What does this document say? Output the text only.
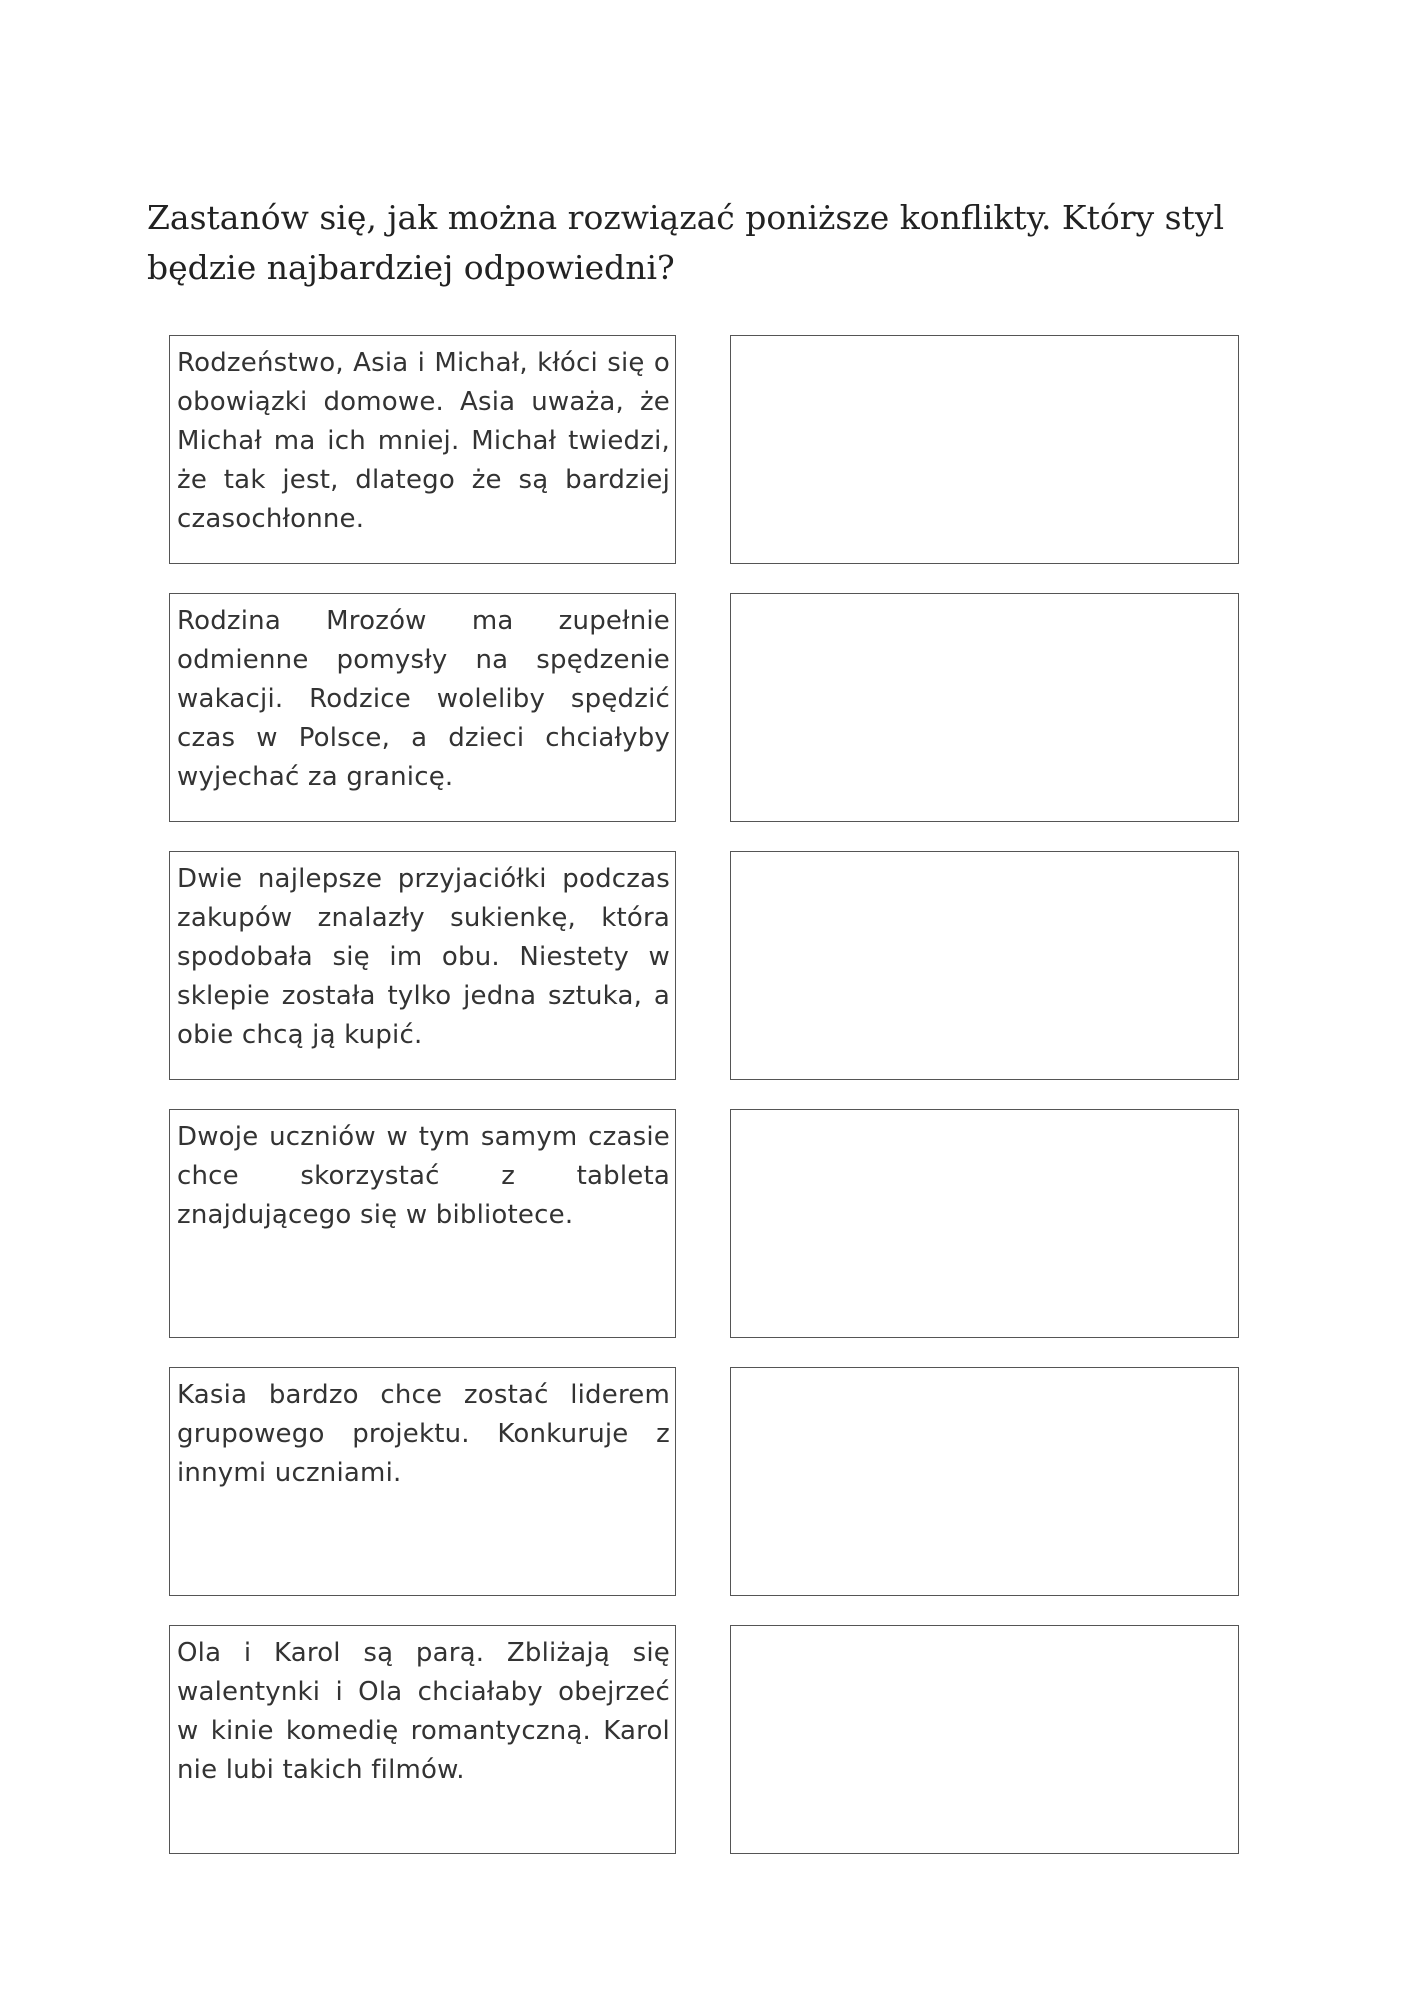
Zastanów się, jak można rozwiązać poniższe konflikty. Który styl będzie najbardziej odpowiedni?

Rodzeństwo, Asia i Michał, kłóci się o obowiązki domowe. Asia uważa, że Michał ma ich mniej. Michał twiedzi, że tak jest, dlatego że są bardziej czasochłonne.

Rodzina Mrozów ma zupełnie odmienne pomysły na spędzenie wakacji. Rodzice woleliby spędzić czas w Polsce, a dzieci chciałyby wyjechać za granicę.

Dwie najlepsze przyjaciółki podczas zakupów znalazły sukienkę, która spodobała się im obu. Niestety w sklepie została tylko jedna sztuka, a obie chcą ją kupić.

Dwoje uczniów w tym samym czasie chce skorzystać z tableta znajdującego się w bibliotece.

Kasia bardzo chce zostać liderem grupowego projektu. Konkuruje z innymi uczniami.

Ola i Karol są parą. Zbliżają się walentynki i Ola chciałaby obejrzeć w kinie komedię romantyczną. Karol nie lubi takich filmów.
